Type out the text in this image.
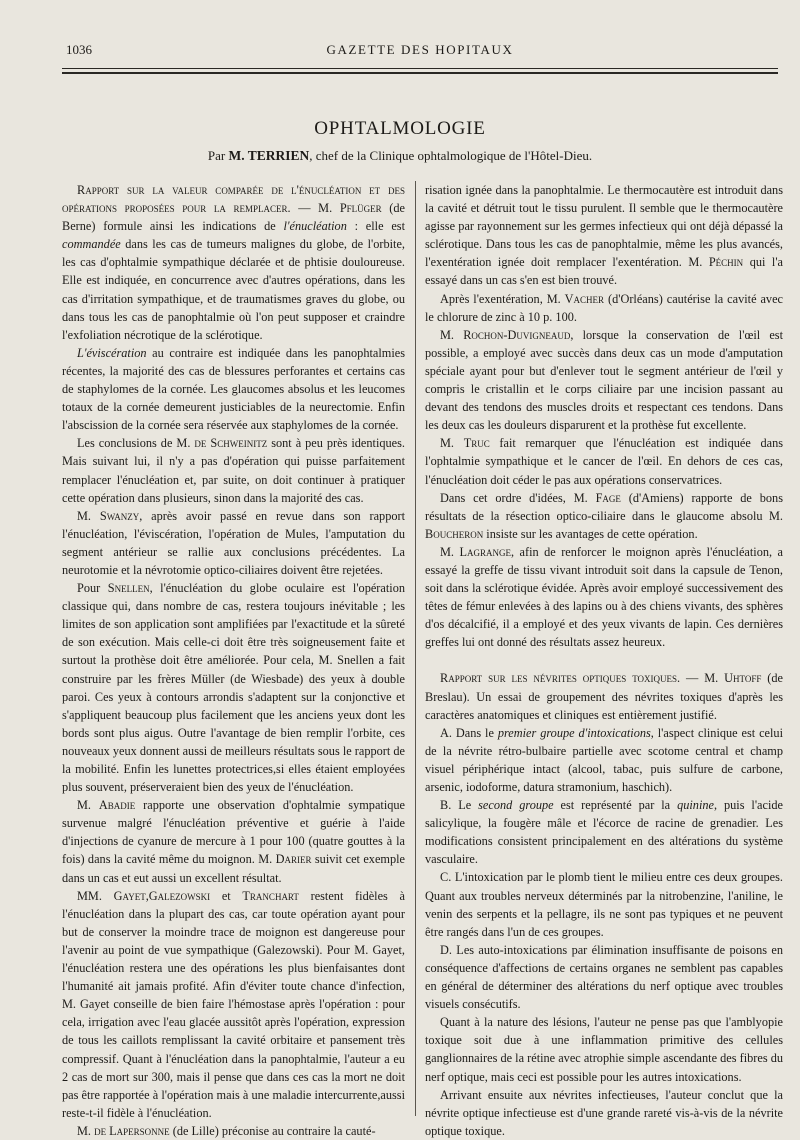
1036	GAZETTE DES HOPITAUX
OPHTALMOLOGIE
Par M. TERRIEN, chef de la Clinique ophtalmologique de l'Hôtel-Dieu.

Rapport sur la valeur comparée de l'énucléation et des opérations proposées pour la remplacer. — M. Pflüger (de Berne) formule ainsi les indications de l'énucléation : elle est commandée dans les cas de tumeurs malignes du globe, de l'orbite, les cas d'ophtalmie sympathique déclarée et de phtisie douloureuse. Elle est indiquée, en concurrence avec d'autres opérations, dans les cas d'irritation sympathique, et de traumatismes graves du globe, ou dans tous les cas de panophtalmie où l'on peut supposer et craindre l'exfoliation nécrotique de la sclérotique.

L'éviscération au contraire est indiquée dans les panophtalmies récentes, la majorité des cas de blessures perforantes et certains cas de staphylomes de la cornée. Les glaucomes absolus et les leucomes totaux de la cornée demeurent justiciables de la neurectomie. Enfin l'abscission de la cornée sera réservée aux staphylomes de la cornée.

Les conclusions de M. de Schweinitz sont à peu près identiques. Mais suivant lui, il n'y a pas d'opération qui puisse parfaitement remplacer l'énucléation et, par suite, on doit continuer à pratiquer cette opération dans plusieurs, sinon dans la majorité des cas.

M. Swanzy, après avoir passé en revue dans son rapport l'énucléation, l'éviscération, l'opération de Mules, l'amputation du segment antérieur se rallie aux conclusions précédentes. La neurotomie et la névrotomie optico-ciliaires doivent être rejetées.

Pour Snellen, l'énucléation du globe oculaire est l'opération classique qui, dans nombre de cas, restera toujours inévitable ; les limites de son application sont amplifiées par l'exactitude et la sûreté de son exécution. Mais celle-ci doit être très soigneusement faite et surtout la prothèse doit être améliorée. Pour cela, M. Snellen a fait construire par les frères Müller (de Wiesbade) des yeux à double paroi. Ces yeux à contours arrondis s'adaptent sur la conjonctive et s'appliquent beaucoup plus facilement que les anciens yeux dont les bords sont plus aigus. Outre l'avantage de bien remplir l'orbite, ces nouveaux yeux donnent aussi de meilleurs résultats sous le rapport de la mobilité. Enfin les lunettes protectrices,si elles étaient employées plus souvent, préserveraient bien des yeux de l'énucléation.

M. Abadie rapporte une observation d'ophtalmie sympatique survenue malgré l'énucléation préventive et guérie à l'aide d'injections de cyanure de mercure à 1 pour 100 (quatre gouttes à la fois) dans la cavité même du moignon. M. Darier suivit cet exemple dans un cas et eut aussi un excellent résultat.

MM. Gayet,Galezowski et Tranchart restent fidèles à l'énucléation dans la plupart des cas, car toute opération ayant pour but de conserver la moindre trace de moignon est dangereuse pour l'avenir au point de vue sympathique (Galezowski). Pour M. Gayet, l'énucléation restera une des opérations les plus bienfaisantes dont l'humanité ait jamais profité. Afin d'éviter toute chance d'infection, M. Gayet conseille de bien faire l'hémostase après l'opération : pour cela, irrigation avec l'eau glacée aussitôt après l'opération, expression de tous les caillots remplissant la cavité orbitaire et pansement très compressif. Quant à l'énucléation dans la panophtalmie, l'auteur a eu 2 cas de mort sur 300, mais il pense que dans ces cas la mort ne doit pas être rapportée à l'opération mais à une maladie intercurrente,aussi reste-t-il fidèle à l'énucléation.

M. de Lapersonne (de Lille) préconise au contraire la cauté-

risation ignée dans la panophtalmie. Le thermocautère est introduit dans la cavité et détruit tout le tissu purulent. Il semble que le thermocautère agisse par rayonnement sur les germes infectieux qui ont déjà dépassé la sclérotique. Dans tous les cas de panophtalmie, même les plus avancés, l'exentération ignée doit remplacer l'exentération. M. Péchin qui l'a essayé dans un cas s'en est bien trouvé.

Après l'exentération, M. Vacher (d'Orléans) cautérise la cavité avec le chlorure de zinc à 10 p. 100.

M. Rochon-Duvigneaud, lorsque la conservation de l'œil est possible, a employé avec succès dans deux cas un mode d'amputation spéciale ayant pour but d'enlever tout le segment antérieur de l'œil y compris le cristallin et le corps ciliaire par une incision passant au devant des tendons des muscles droits et respectant ces tendons. Dans les deux cas les douleurs disparurent et la prothèse fut excellente.

M. Truc fait remarquer que l'énucléation est indiquée dans l'ophtalmie sympathique et le cancer de l'œil. En dehors de ces cas, l'énucléation doit céder le pas aux opérations conservatrices.

Dans cet ordre d'idées, M. Fage (d'Amiens) rapporte de bons résultats de la résection optico-ciliaire dans le glaucome absolu M. Boucheron insiste sur les avantages de cette opération.

M. Lagrange, afin de renforcer le moignon après l'énucléation, a essayé la greffe de tissu vivant introduit soit dans la capsule de Tenon, soit dans la sclérotique évidée. Après avoir employé successivement des têtes de fémur enlevées à des lapins ou à des chiens vivants, des sphères d'os décalcifié, il a employé et des yeux vivants de lapin. Ces dernières greffes lui ont donné des résultats assez heureux.

Rapport sur les névrites optiques toxiques. — M. Uhtoff (de Breslau). Un essai de groupement des névrites toxiques d'après les caractères anatomiques et cliniques est entièrement justifié.

A. Dans le premier groupe d'intoxications, l'aspect clinique est celui de la névrite rétro-bulbaire partielle avec scotome central et champ visuel périphérique intact (alcool, tabac, puis sulfure de carbone, arsenic, iodoforme, datura stramonium, haschich).

B. Le second groupe est représenté par la quinine, puis l'acide salicylique, la fougère mâle et l'écorce de racine de grenadier. Les modifications consistent principalement en des altérations du système vasculaire.

C. L'intoxication par le plomb tient le milieu entre ces deux groupes. Quant aux troubles nerveux déterminés par la nitrobenzine, l'aniline, le venin des serpents et la pellagre, ils ne sont pas typiques et ne peuvent être rangés dans l'un de ces groupes.

D. Les auto-intoxications par élimination insuffisante de poisons en conséquence d'affections de certains organes ne semblent pas capables en général de déterminer des altérations du nerf optique avec troubles visuels consécutifs.

Quant à la nature des lésions, l'auteur ne pense pas que l'amblyopie toxique soit due à une inflammation primitive des cellules ganglionnaires de la rétine avec atrophie simple ascendante des fibres du nerf optique, mais ceci est possible pour les autres intoxications.

Arrivant ensuite aux névrites infectieuses, l'auteur conclut que la névrite optique infectieuse est d'une grande rareté vis-à-vis de la névrite optique toxique.
